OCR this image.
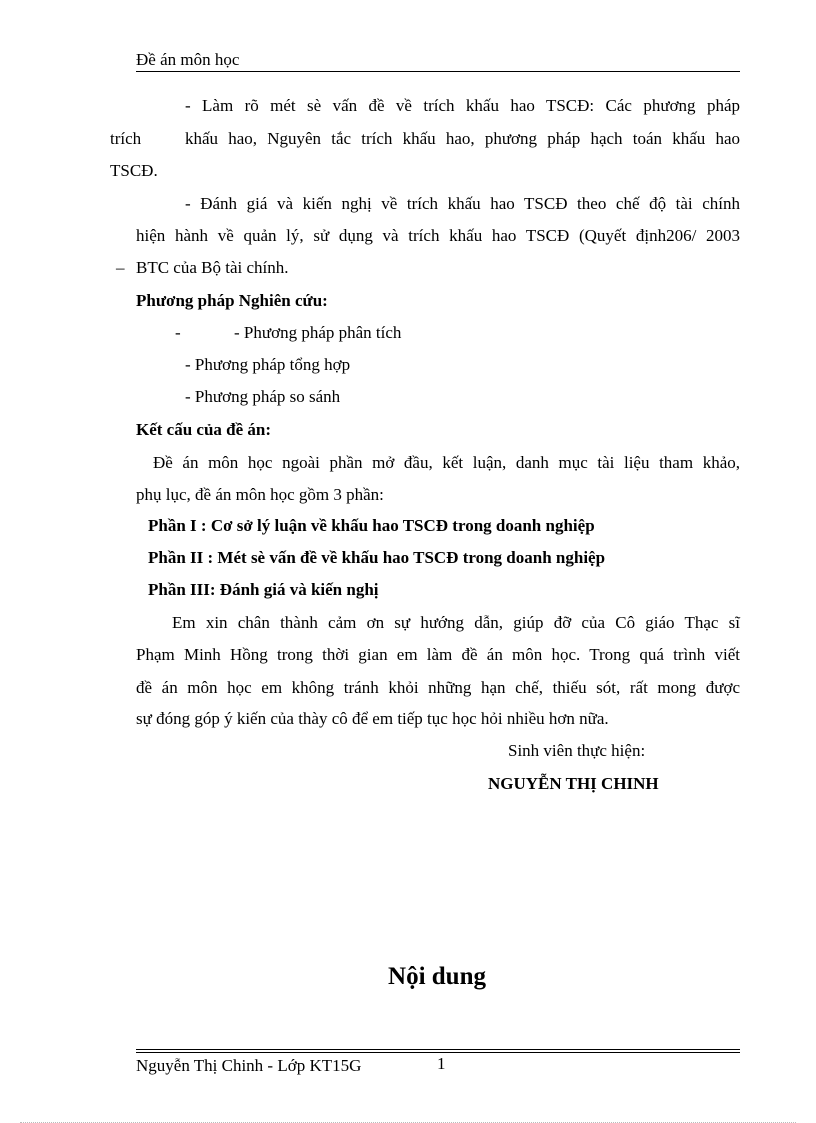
Đề án môn học
- Làm rõ mét sè vấn đề về trích khấu hao TSCĐ: Các phương pháp
trích	khấu hao, Nguyên tắc trích khấu hao, phương pháp hạch toán khấu hao
TSCĐ.
- Đánh giá và kiến nghị về trích khấu hao TSCĐ theo chế độ tài chính
hiện hành về quản lý, sử dụng và trích khấu hao TSCĐ (Quyết định206/ 2003
– BTC của Bộ tài chính.
Phương pháp Nghiên cứu:
-	- Phương pháp phân tích
- Phương pháp tổng hợp
- Phương pháp so sánh
Kết cấu của đề án:
Đề án môn học ngoài phần mở đầu, kết luận, danh mục tài liệu tham khảo,
phụ lục, đề án môn học gồm 3 phần:
Phần I : Cơ sở lý luận về khấu hao TSCĐ trong doanh nghiệp
Phần II : Mét sè vấn đề về khấu hao TSCĐ trong doanh nghiệp
Phần III: Đánh giá và kiến nghị
Em xin chân thành cảm ơn sự hướng dẫn, giúp đỡ của Cô giáo Thạc sĩ
Phạm Minh Hồng trong thời gian em làm đề án môn học. Trong quá trình viết
đề án môn học em không tránh khỏi những hạn chế, thiếu sót, rất mong được
sự đóng góp ý kiến của thày cô để em tiếp tục học hỏi nhiều hơn nữa.
Sinh viên thực hiện:
NGUYỄN THỊ CHINH
Nội dung
Nguyễn Thị Chinh - Lớp KT15G	1
